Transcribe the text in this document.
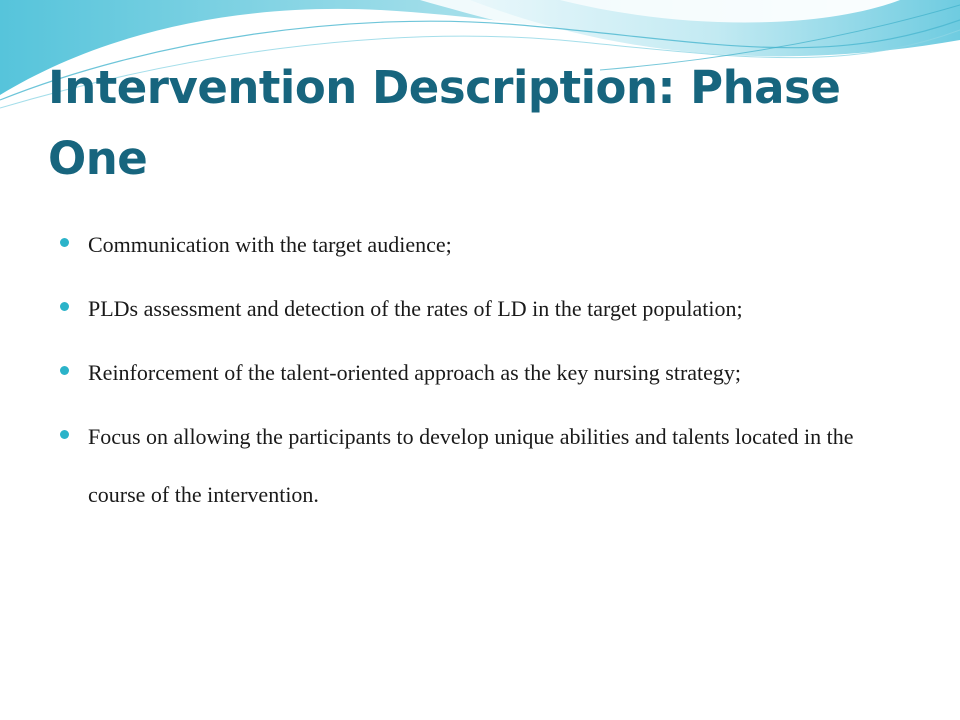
Intervention Description: Phase One
Communication with the target audience;
PLDs assessment and detection of the rates of LD in the target population;
Reinforcement of the talent-oriented approach as the key nursing strategy;
Focus on allowing the participants to develop unique abilities and talents located in the course of the intervention.
